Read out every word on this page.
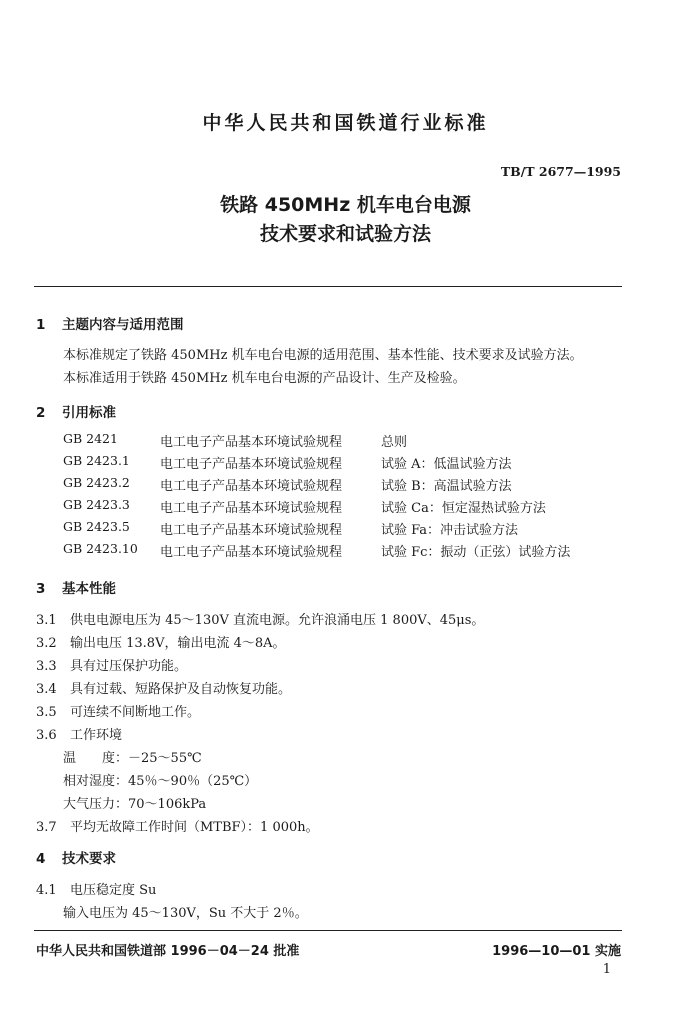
中华人民共和国铁道行业标准
TB/T 2677—1995
铁路 450MHz 机车电台电源
技术要求和试验方法
1 主题内容与适用范围
本标准规定了铁路 450MHz 机车电台电源的适用范围、基本性能、技术要求及试验方法。
本标准适用于铁路 450MHz 机车电台电源的产品设计、生产及检验。
2 引用标准
GB 2421	电工电子产品基本环境试验规程	总则
GB 2423.1 电工电子产品基本环境试验规程	试验 A：低温试验方法
GB 2423.2 电工电子产品基本环境试验规程	试验 B：高温试验方法
GB 2423.3 电工电子产品基本环境试验规程	试验 Ca：恒定湿热试验方法
GB 2423.5 电工电子产品基本环境试验规程	试验 Fa：冲击试验方法
GB 2423.10 电工电子产品基本环境试验规程	试验 Fc：振动（正弦）试验方法
3 基本性能
3.1 供电电源电压为 45～130V 直流电源。允许浪涌电压 1 800V、45μs。
3.2 输出电压 13.8V，输出电流 4～8A。
3.3 具有过压保护功能。
3.4 具有过载、短路保护及自动恢复功能。
3.5 可连续不间断地工作。
3.6 工作环境
温　　度：－25～55℃
相对湿度：45％～90％（25℃）
大气压力：70～106kPa
3.7 平均无故障工作时间（MTBF）：1 000h。
4 技术要求
4.1 电压稳定度 Su
输入电压为 45～130V，Su 不大于 2％。
中华人民共和国铁道部 1996－04－24 批准	1996—10—01 实施
1
